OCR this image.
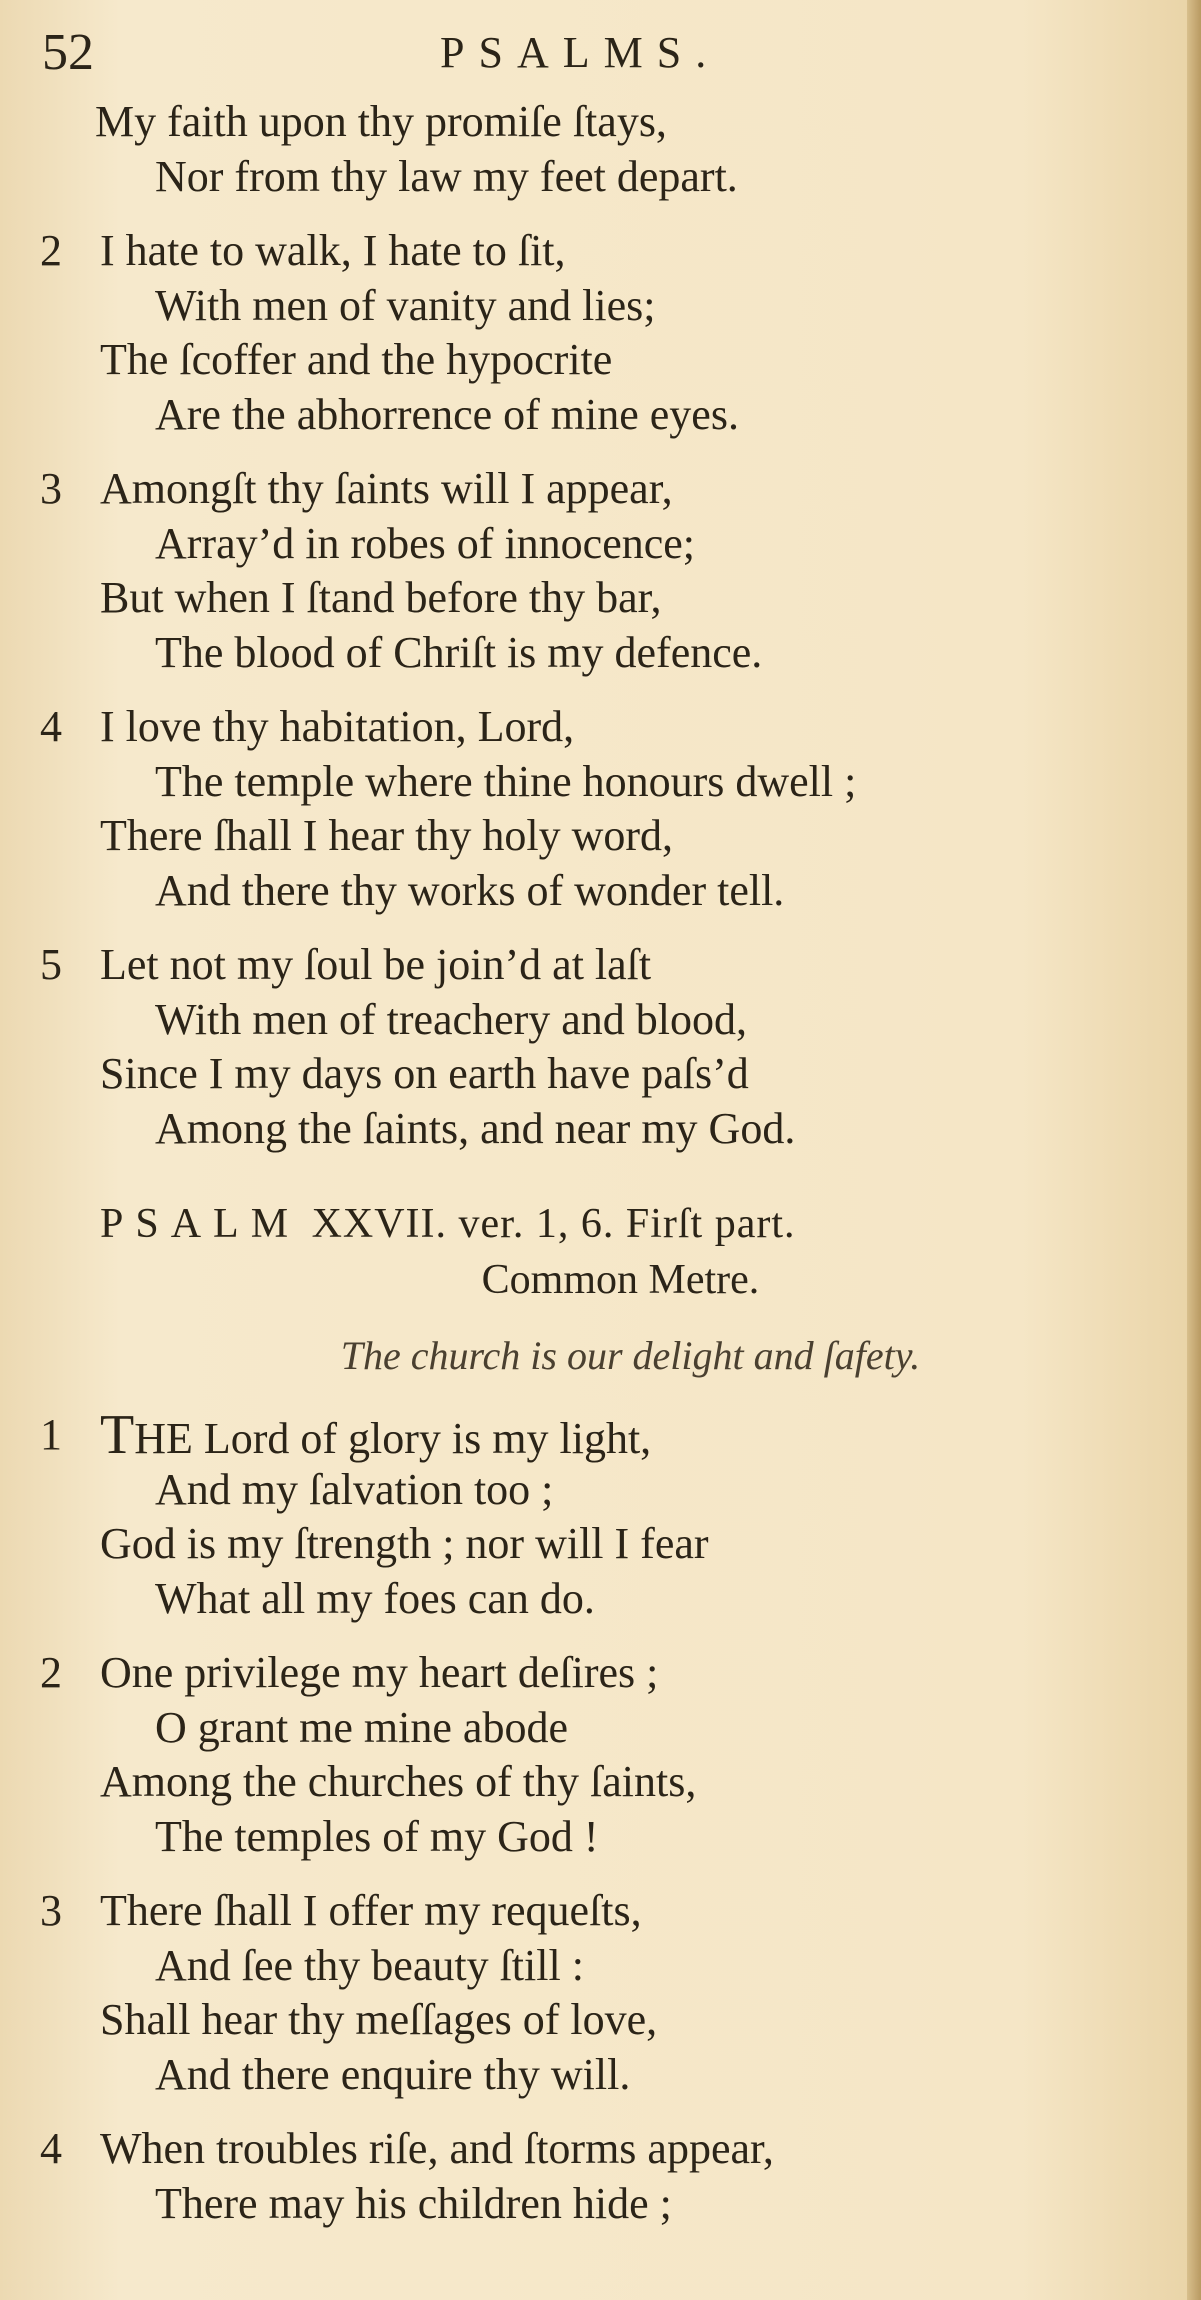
52	PSALMS.
My faith upon thy promiſe ſtays,
Nor from thy law my feet depart.
2 I hate to walk, I hate to ſit,
With men of vanity and lies;
The ſcoffer and the hypocrite
Are the abhorrence of mine eyes.
3 Amongſt thy ſaints will I appear,
Array’d in robes of innocence;
But when I ſtand before thy bar,
The blood of Chriſt is my defence.
4 I love thy habitation, Lord,
The temple where thine honours dwell ;
There ſhall I hear thy holy word,
And there thy works of wonder tell.
5 Let not my ſoul be join’d at laſt
With men of treachery and blood,
Since I my days on earth have paſs’d
Among the ſaints, and near my God.
PSALM XXVII. ver. 1, 6. Firſt part.
Common Metre.
The church is our delight and ſafety.
1 THE Lord of glory is my light,
And my ſalvation too ;
God is my ſtrength ; nor will I fear
What all my foes can do.
2 One privilege my heart deſires ;
O grant me mine abode
Among the churches of thy ſaints,
The temples of my God !
3 There ſhall I offer my requeſts,
And ſee thy beauty ſtill :
Shall hear thy meſſages of love,
And there enquire thy will.
4 When troubles riſe, and ſtorms appear,
There may his children hide ;
